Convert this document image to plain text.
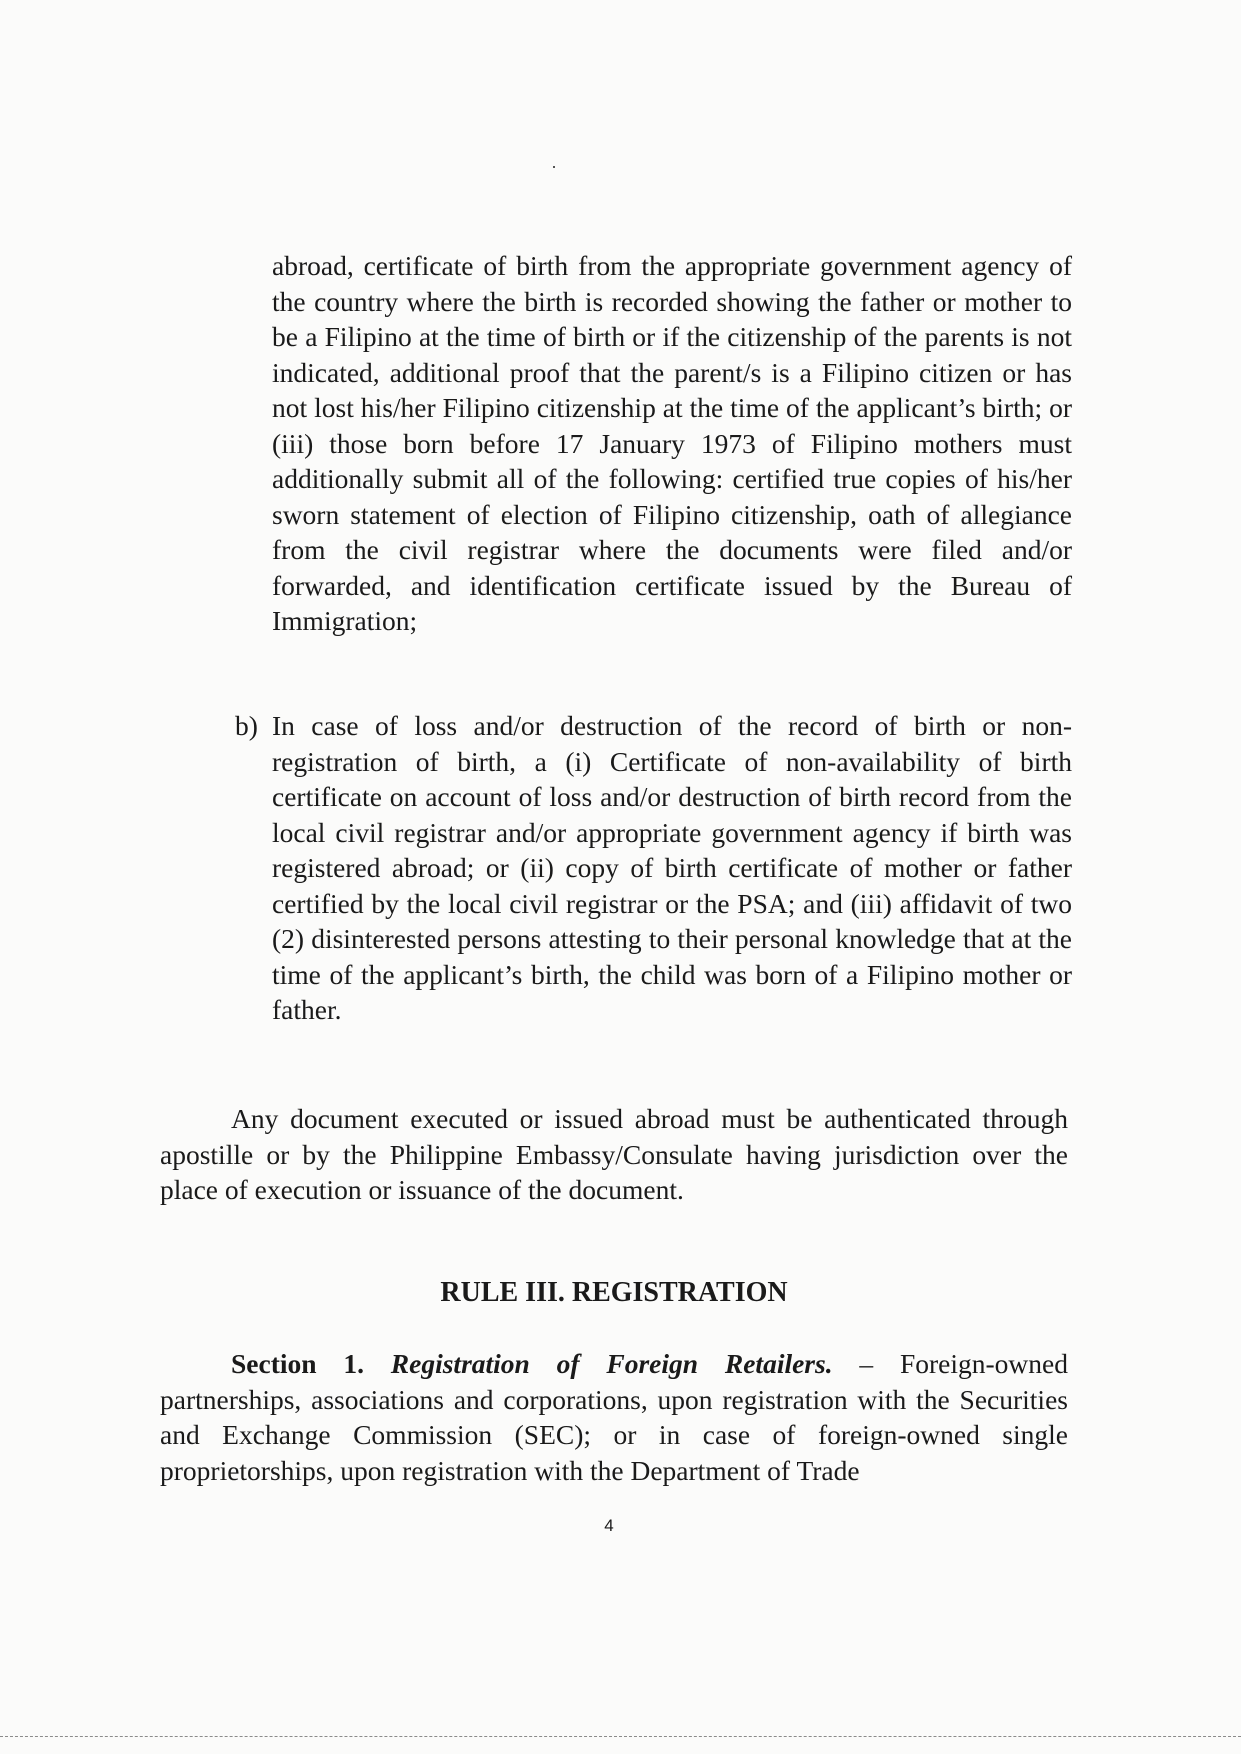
abroad, certificate of birth from the appropriate government agency of the country where the birth is recorded showing the father or mother to be a Filipino at the time of birth or if the citizenship of the parents is not indicated, additional proof that the parent/s is a Filipino citizen or has not lost his/her Filipino citizenship at the time of the applicant’s birth; or (iii) those born before 17 January 1973 of Filipino mothers must additionally submit all of the following: certified true copies of his/her sworn statement of election of Filipino citizenship, oath of allegiance from the civil registrar where the documents were filed and/or forwarded, and identification certificate issued by the Bureau of Immigration;

b) In case of loss and/or destruction of the record of birth or non-registration of birth, a (i) Certificate of non-availability of birth certificate on account of loss and/or destruction of birth record from the local civil registrar and/or appropriate government agency if birth was registered abroad; or (ii) copy of birth certificate of mother or father certified by the local civil registrar or the PSA; and (iii) affidavit of two (2) disinterested persons attesting to their personal knowledge that at the time of the applicant’s birth, the child was born of a Filipino mother or father.

Any document executed or issued abroad must be authenticated through apostille or by the Philippine Embassy/Consulate having jurisdiction over the place of execution or issuance of the document.

RULE III. REGISTRATION

Section 1. Registration of Foreign Retailers. – Foreign-owned partnerships, associations and corporations, upon registration with the Securities and Exchange Commission (SEC); or in case of foreign-owned single proprietorships, upon registration with the Department of Trade

4
